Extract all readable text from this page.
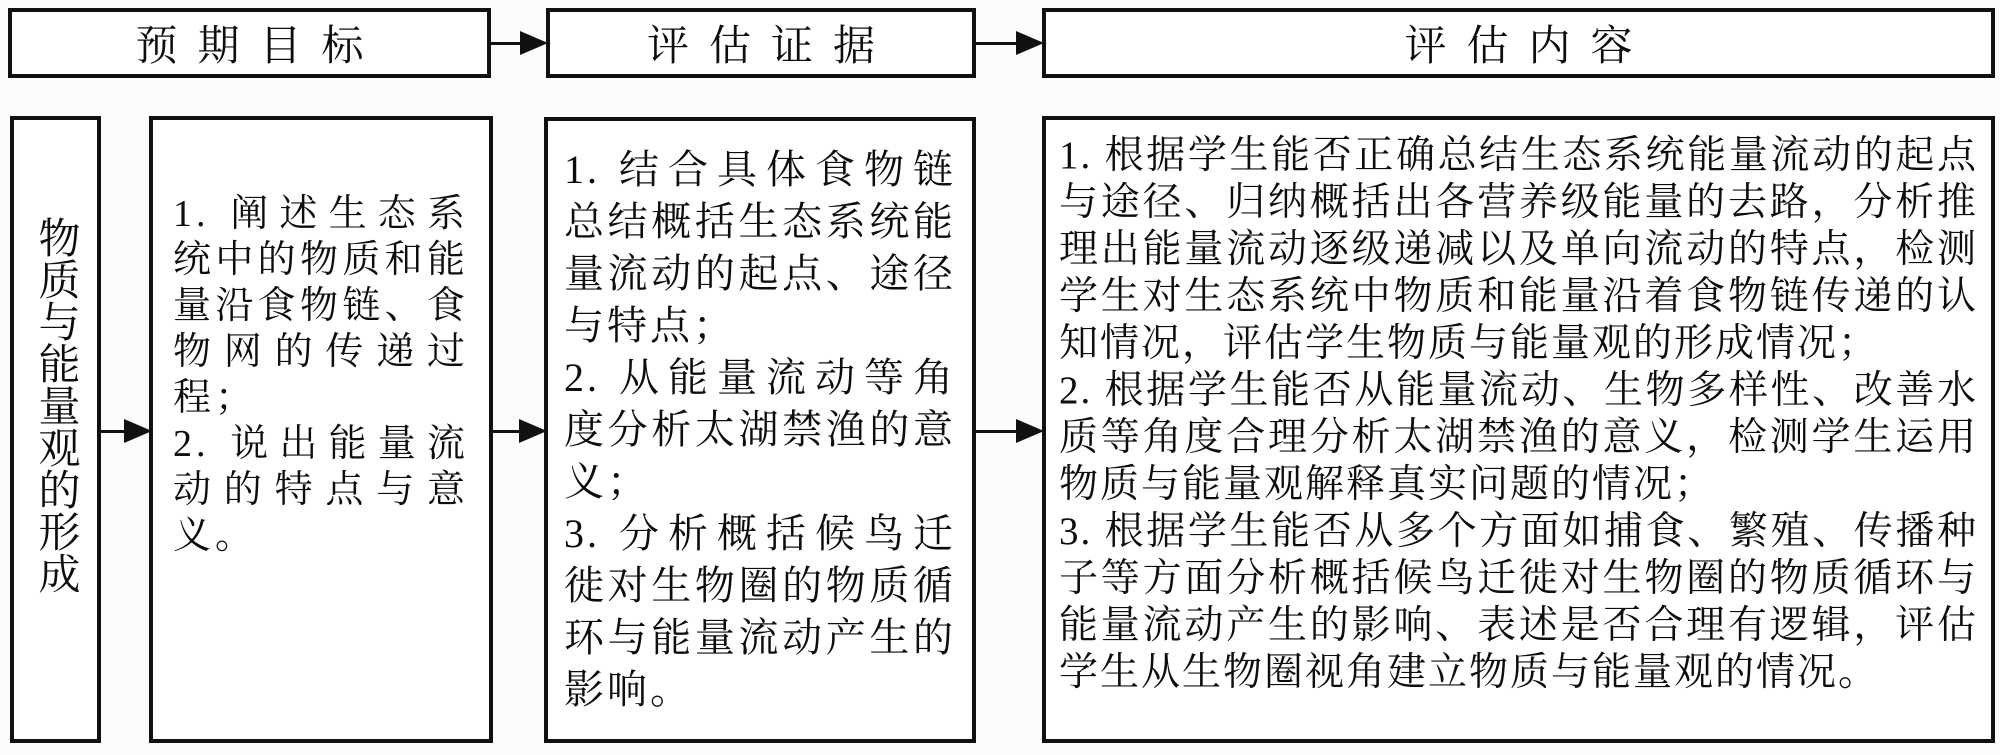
预期目标	评估证据	评估内容
物质与能量观的形成
1. 阐述生态系统中的物质和能量沿食物链、食物网的传递过程；
2. 说出能量流动的特点与意义。
1. 结合具体食物链总结概括生态系统能量流动的起点、途径与特点；
2. 从能量流动等角度分析太湖禁渔的意义；
3. 分析概括候鸟迁徙对生物圈的物质循环与能量流动产生的影响。
1. 根据学生能否正确总结生态系统能量流动的起点与途径、归纳概括出各营养级能量的去路，分析推理出能量流动逐级递减以及单向流动的特点，检测学生对生态系统中物质和能量沿着食物链传递的认知情况，评估学生物质与能量观的形成情况；
2. 根据学生能否从能量流动、生物多样性、改善水质等角度合理分析太湖禁渔的意义，检测学生运用物质与能量观解释真实问题的情况；
3. 根据学生能否从多个方面如捕食、繁殖、传播种子等方面分析概括候鸟迁徙对生物圈的物质循环与能量流动产生的影响、表述是否合理有逻辑，评估学生从生物圈视角建立物质与能量观的情况。
